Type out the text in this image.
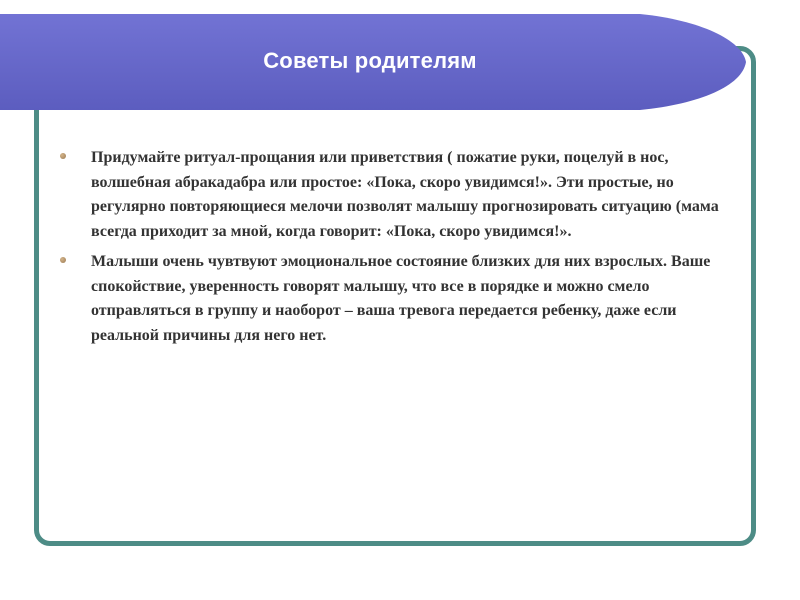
Советы родителям
Придумайте ритуал-прощания или приветствия ( пожатие руки, поцелуй в нос, волшебная абракадабра или простое: «Пока, скоро увидимся!». Эти простые, но регулярно повторяющиеся мелочи позволят малышу прогнозировать ситуацию (мама всегда приходит за мной, когда говорит: «Пока, скоро увидимся!».
Малыши очень чувтвуют эмоциональное состояние близких для них взрослых. Ваше спокойствие, уверенность говорят малышу, что все в порядке и можно смело отправляться в группу и наоборот – ваша тревога передается ребенку, даже если реальной причины для него нет.
